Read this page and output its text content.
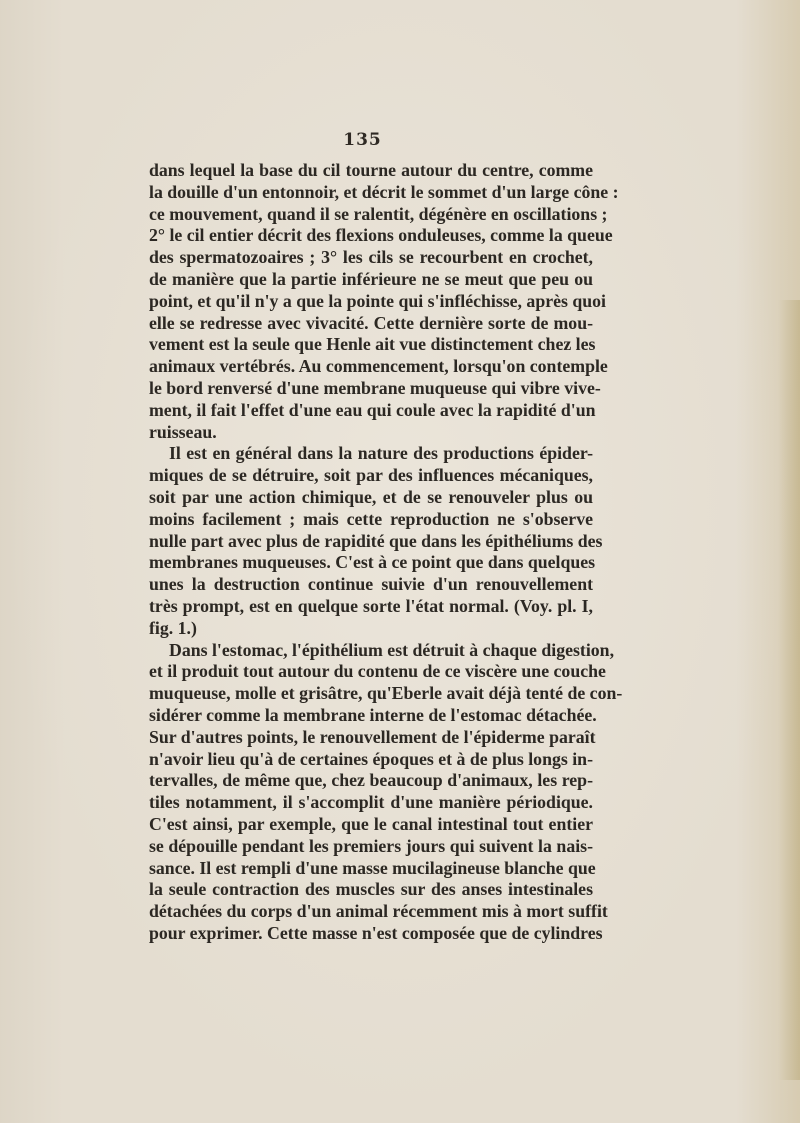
135
dans lequel la base du cil tourne autour du centre, comme
la douille d'un entonnoir, et décrit le sommet d'un large cône :
ce mouvement, quand il se ralentit, dégénère en oscillations ;
2° le cil entier décrit des flexions onduleuses, comme la queue
des spermatozoaires ; 3° les cils se recourbent en crochet,
de manière que la partie inférieure ne se meut que peu ou
point, et qu'il n'y a que la pointe qui s'infléchisse, après quoi
elle se redresse avec vivacité. Cette dernière sorte de mou-
vement est la seule que Henle ait vue distinctement chez les
animaux vertébrés. Au commencement, lorsqu'on contemple
le bord renversé d'une membrane muqueuse qui vibre vive-
ment, il fait l'effet d'une eau qui coule avec la rapidité d'un
ruisseau.
Il est en général dans la nature des productions épider-
miques de se détruire, soit par des influences mécaniques,
soit par une action chimique, et de se renouveler plus ou
moins facilement ; mais cette reproduction ne s'observe
nulle part avec plus de rapidité que dans les épithéliums des
membranes muqueuses. C'est à ce point que dans quelques
unes la destruction continue suivie d'un renouvellement
très prompt, est en quelque sorte l'état normal. (Voy. pl. I,
fig. 1.)
Dans l'estomac, l'épithélium est détruit à chaque digestion,
et il produit tout autour du contenu de ce viscère une couche
muqueuse, molle et grisâtre, qu'Eberle avait déjà tenté de con-
sidérer comme la membrane interne de l'estomac détachée.
Sur d'autres points, le renouvellement de l'épiderme paraît
n'avoir lieu qu'à de certaines époques et à de plus longs in-
tervalles, de même que, chez beaucoup d'animaux, les rep-
tiles notamment, il s'accomplit d'une manière périodique.
C'est ainsi, par exemple, que le canal intestinal tout entier
se dépouille pendant les premiers jours qui suivent la nais-
sance. Il est rempli d'une masse mucilagineuse blanche que
la seule contraction des muscles sur des anses intestinales
détachées du corps d'un animal récemment mis à mort suffit
pour exprimer. Cette masse n'est composée que de cylindres
